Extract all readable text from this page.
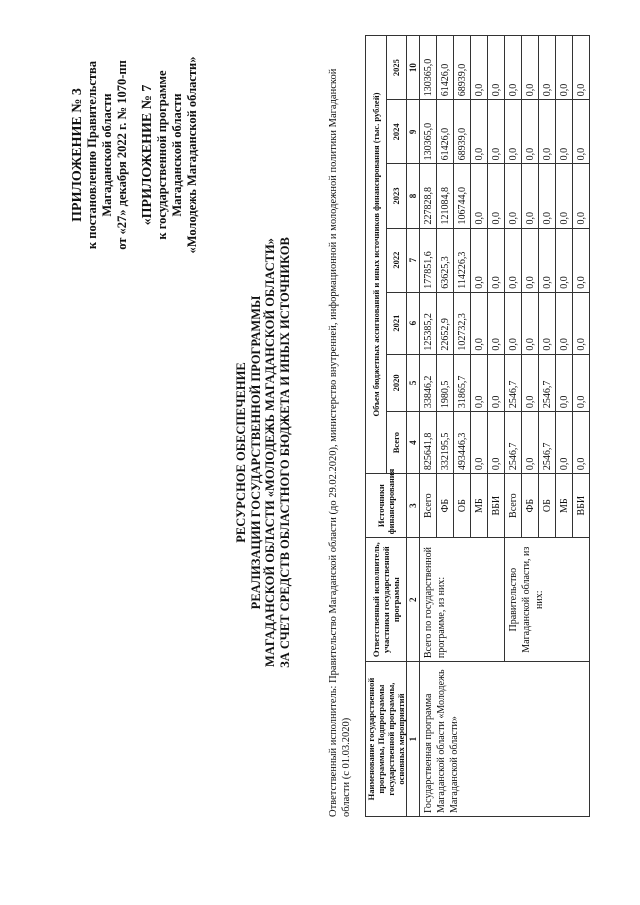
ПРИЛОЖЕНИЕ № 3 к постановлению Правительства Магаданской области от «27» декабря 2022 г. № 1070-пп «ПРИЛОЖЕНИЕ № 7 к государственной программе Магаданской области «Молодежь Магаданской области»
РЕСУРСНОЕ ОБЕСПЕЧЕНИЕ РЕАЛИЗАЦИИ ГОСУДАРСТВЕННОЙ ПРОГРАММЫ МАГАДАНСКОЙ ОБЛАСТИ «МОЛОДЕЖЬ МАГАДАНСКОЙ ОБЛАСТИ» ЗА СЧЕТ СРЕДСТВ ОБЛАСТНОГО БЮДЖЕТА И ИНЫХ ИСТОЧНИКОВ	Ответственный исполнитель: Правительство Магаданской области (до 29.02.2020), министерство внутренней, информационной и молодежной политики Магаданской области (с 01.03.2020) Наименование государственной программы, Подпрограммы государственной программы, основных мероприятий	Ответственный исполнитель, участники государственной программы	Источники финансирования	Объем бюджетных ассигнований и иных источников финансирования (тыс. рублей)						
			Всего	2020	2021	2022	2023	2024	2025
1	2	3	4	5	6	7	8	9	10
Государственная программа Магаданской области «Молодежь Магаданской области»	Всего по государственной программе, из них:	Всего	825641,8	33846,2	125385,2	177851,6	227828,8	130365,0	130365,0
		ФБ	332195,5	1980,5	22652,9	63625,3	121084,8	61426,0	61426,0
		ОБ	493446,3	31865,7	102732,3	114226,3	106744,0	68939,0	68939,0
		МБ	0,0	0,0	0,0	0,0	0,0	0,0	0,0
		ВБИ	0,0	0,0	0,0	0,0	0,0	0,0	0,0
	Правительство Магаданской области, из них:	Всего	2546,7	2546,7	0,0	0,0	0,0	0,0	0,0
		ФБ	0,0	0,0	0,0	0,0	0,0	0,0	0,0
		ОБ	2546,7	2546,7	0,0	0,0	0,0	0,0	0,0
		МБ	0,0	0,0	0,0	0,0	0,0	0,0	0,0
		ВБИ	0,0	0,0	0,0	0,0	0,0	0,0	0,0
